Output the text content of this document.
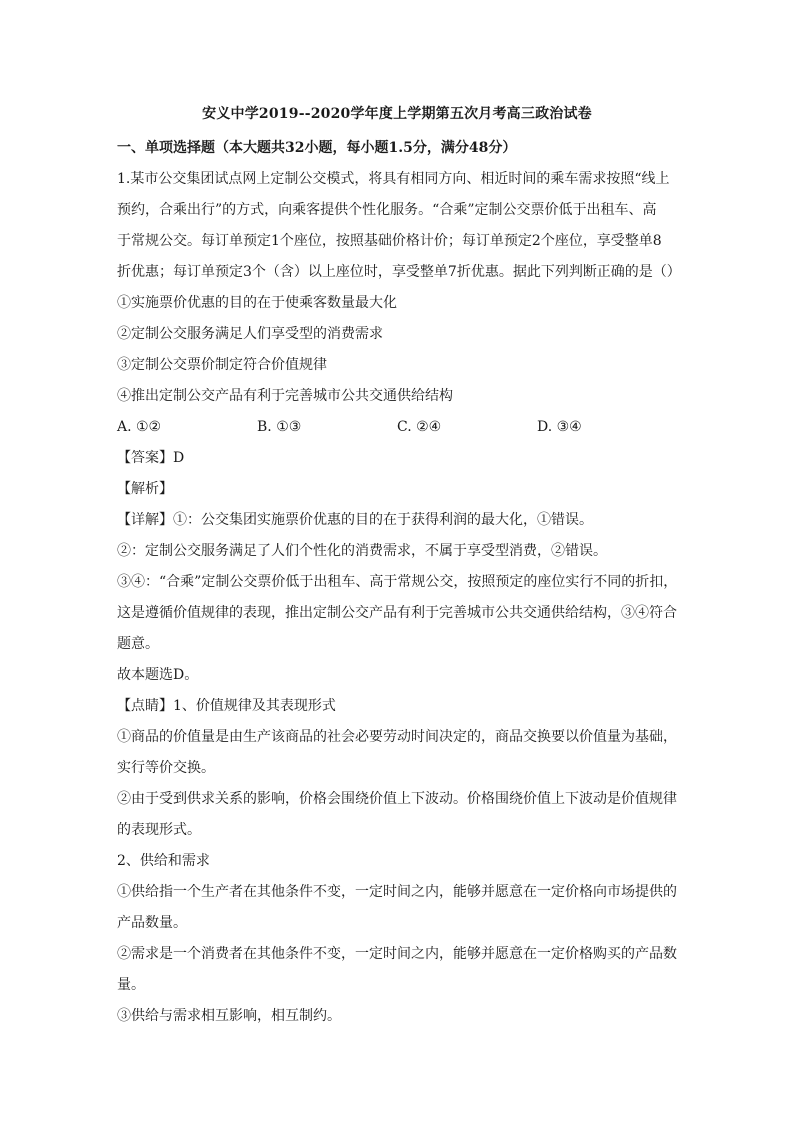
安义中学2019--2020学年度上学期第五次月考高三政治试卷
一、单项选择题（本大题共32小题，每小题1.5分，满分48分）
1.某市公交集团试点网上定制公交模式，将具有相同方向、相近时间的乘车需求按照“线上
预约，合乘出行”的方式，向乘客提供个性化服务。“合乘”定制公交票价低于出租车、高
于常规公交。每订单预定1个座位，按照基础价格计价；每订单预定2个座位，享受整单8
折优惠；每订单预定3个（含）以上座位时，享受整单7折优惠。据此下列判断正确的是（）
①实施票价优惠的目的在于使乘客数量最大化
②定制公交服务满足人们享受型的消费需求
③定制公交票价制定符合价值规律
④推出定制公交产品有利于完善城市公共交通供给结构
A. ①②	B. ①③	C. ②④	D. ③④
【答案】D
【解析】
【详解】①：公交集团实施票价优惠的目的在于获得利润的最大化，①错误。
②：定制公交服务满足了人们个性化的消费需求，不属于享受型消费，②错误。
③④：“合乘”定制公交票价低于出租车、高于常规公交，按照预定的座位实行不同的折扣，
这是遵循价值规律的表现，推出定制公交产品有利于完善城市公共交通供给结构，③④符合
题意。
故本题选D。
【点睛】1、价值规律及其表现形式
①商品的价值量是由生产该商品的社会必要劳动时间决定的，商品交换要以价值量为基础，
实行等价交换。
②由于受到供求关系的影响，价格会围绕价值上下波动。价格围绕价值上下波动是价值规律
的表现形式。
2、供给和需求
①供给指一个生产者在其他条件不变，一定时间之内，能够并愿意在一定价格向市场提供的
产品数量。
②需求是一个消费者在其他条件不变，一定时间之内，能够并愿意在一定价格购买的产品数
量。
③供给与需求相互影响，相互制约。
